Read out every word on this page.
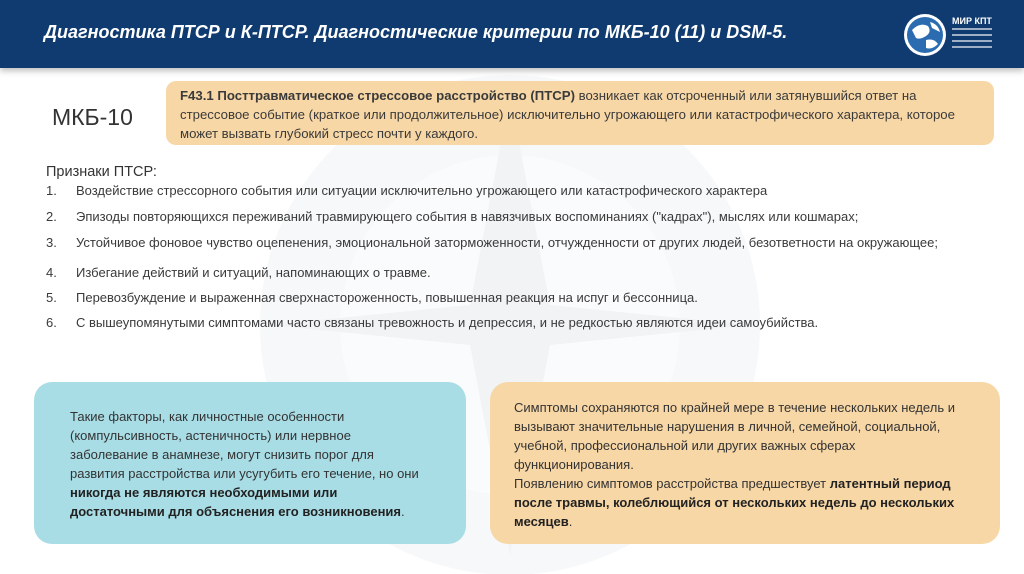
Диагностика ПТСР и К-ПТСР. Диагностические критерии по МКБ-10 (11) и DSM-5.
МИР КПТ
МКБ-10
F43.1 Посттравматическое стрессовое расстройство (ПТСР) возникает как отсроченный или затянувшийся ответ на стрессовое событие (краткое или продолжительное) исключительно угрожающего или катастрофического характера, которое может вызвать глубокий стресс почти у каждого.
Признаки ПТСР:
1. Воздействие стрессорного события или ситуации исключительно угрожающего или катастрофического характера
2. Эпизоды повторяющихся переживаний травмирующего события в навязчивых воспоминаниях ("кадрах"), мыслях или кошмарах;
3. Устойчивое фоновое чувство оцепенения, эмоциональной заторможенности, отчужденности от других людей, безответности на окружающее;
4. Избегание действий и ситуаций, напоминающих о травме.
5. Перевозбуждение и выраженная сверхнастороженность, повышенная реакция на испуг и бессонница.
6. С вышеупомянутыми симптомами часто связаны тревожность и депрессия, и не редкостью являются идеи самоубийства.
Такие факторы, как личностные особенности (компульсивность, астеничность) или нервное заболевание в анамнезе, могут снизить порог для развития расстройства или усугубить его течение, но они никогда не являются необходимыми или достаточными для объяснения его возникновения.
Симптомы сохраняются по крайней мере в течение нескольких недель и вызывают значительные нарушения в личной, семейной, социальной, учебной, профессиональной или других важных сферах функционирования.
Появлению симптомов расстройства предшествует латентный период после травмы, колеблющийся от нескольких недель до нескольких месяцев.
